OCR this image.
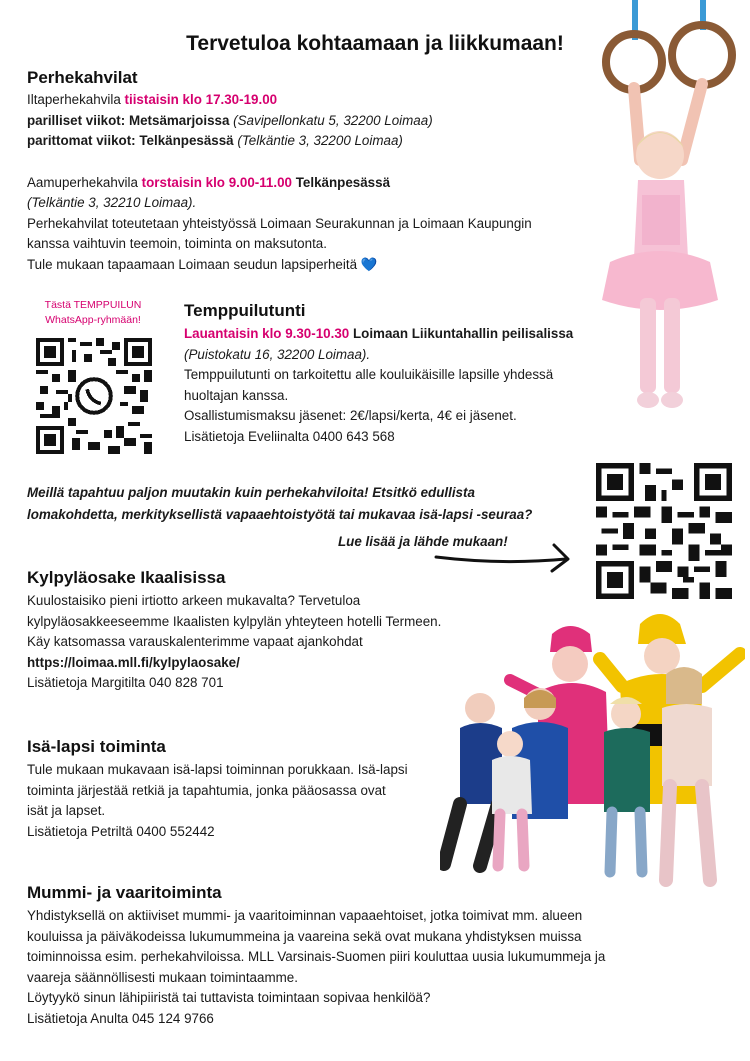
Tervetuloa kohtaamaan ja liikkumaan!
Perhekahvilat
Iltaperhekahvila tiistaisin klo 17.30-19.00
parilliset viikot: Metsämarjoissa (Savipellonkatu 5, 32200 Loimaa)
parittomat viikot: Telkänpesässä (Telkäntie 3, 32200 Loimaa)
Aamuperhekahvila torstaisin klo 9.00-11.00 Telkänpesässä
(Telkäntie 3, 32210 Loimaa).
Perhekahvilat toteutetaan yhteistyössä Loimaan Seurakunnan ja Loimaan Kaupungin
kanssa vaihtuvin teemoin, toiminta on maksutonta.
Tule mukaan tapaamaan Loimaan seudun lapsiperheitä 💙
Tästä TEMPPUILUN
WhatsApp-ryhmään!	Temppuilutunti
Lauantaisin klo 9.30-10.30 Loimaan Liikuntahallin peilisalissa
(Puistokatu 16, 32200 Loimaa).
Temppuilutunti on tarkoitettu alle kouluikäisille lapsille yhdessä
huoltajan kanssa.
Osallistumismaksu jäsenet: 2€/lapsi/kerta, 4€ ei jäsenet.
Lisätietoja Eveliinalta 0400 643 568
Meillä tapahtuu paljon muutakin kuin perhekahviloita! Etsitkö edullista
lomakohdetta, merkityksellistä vapaaehtoistyötä tai mukavaa isä-lapsi -seuraa?
Lue lisää ja lähde mukaan!
Kylpyläosake Ikaalisissa
Kuulostaisiko pieni irtiotto arkeen mukavalta? Tervetuloa
kylpyläosakkeeseemme Ikaalisten kylpylän yhteyteen hotelli Termeen.
Käy katsomassa varauskalenterimme vapaat ajankohdat
https://loimaa.mll.fi/kylpylaosake/
Lisätietoja Margitilta 040 828 701
Isä-lapsi toiminta
Tule mukaan mukavaan isä-lapsi toiminnan porukkaan. Isä-lapsi
toiminta järjestää retkiä ja tapahtumia, jonka pääosassa ovat
isät ja lapset.
Lisätietoja Petriltä 0400 552442
Mummi- ja vaaritoiminta
Yhdistyksellä on aktiiviset mummi- ja vaaritoiminnan vapaaehtoiset, jotka toimivat mm. alueen
kouluissa ja päiväkodeissa lukumummeina ja vaareina sekä ovat mukana yhdistyksen muissa
toiminnoissa esim. perhekahviloissa. MLL Varsinais-Suomen piiri kouluttaa uusia lukumummeja ja
vaareja säännöllisesti mukaan toimintaamme.
Löytyykö sinun lähipiiristä tai tuttavista toimintaan sopivaa henkilöä?
Lisätietoja Anulta 045 124 9766
